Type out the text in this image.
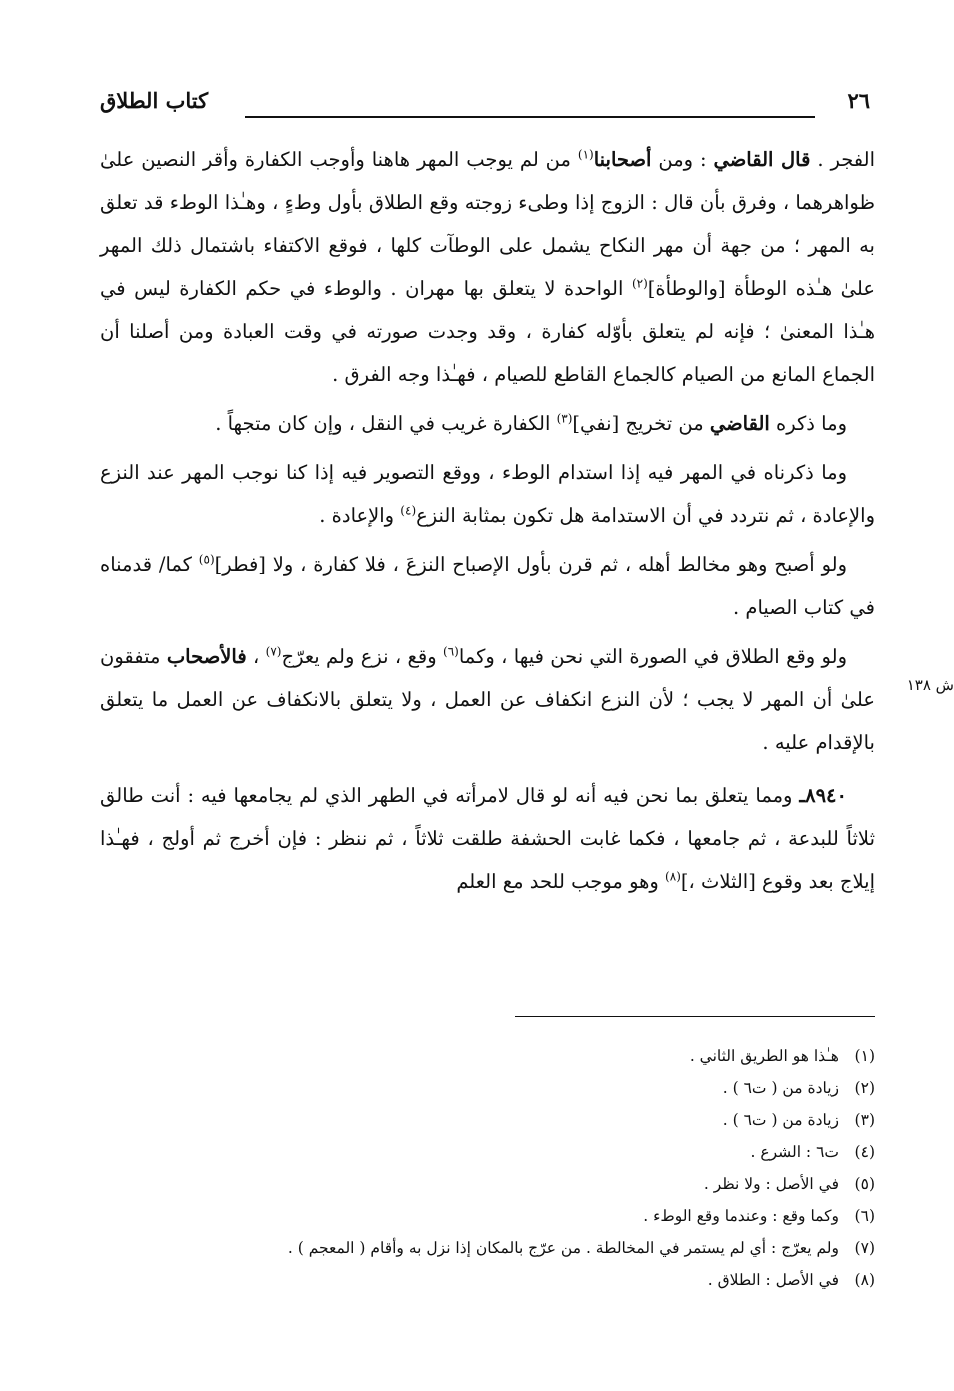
٢٦
كتاب الطلاق

الفجر . قال القاضي : ومن أصحابنا$^{(١)}$ من لم يوجب المهر هاهنا وأوجب الكفارة وأقر النصين علىٰ ظواهرهما ، وفرق بأن قال : الزوج إذا وطىء زوجته وقع الطلاق بأول وطءٍ ، وهـٰذا الوطء قد تعلق به المهر ؛ من جهة أن مهر النكاح يشمل على الوطآت كلها ، فوقع الاكتفاء باشتمال ذلك المهر علىٰ هـٰذه الوطأة [والوطأة]$^{(٢)}$ الواحدة لا يتعلق بها مهران . والوطء في حكم الكفارة ليس في هـٰذا المعنىٰ ؛ فإنه لم يتعلق بأوّله كفارة ، وقد وجدت صورته في وقت العبادة ومن أصلنا أن الجماع المانع من الصيام كالجماع القاطع للصيام ، فهـٰذا وجه الفرق .

وما ذكره القاضي من تخريج [نفي]$^{(٣)}$ الكفارة غريب في النقل ، وإن كان متجهاً .

وما ذكرناه في المهر فيه إذا استدام الوطء ، ووقع التصوير فيه إذا كنا نوجب المهر عند النزع والإعادة ، ثم نتردد في أن الاستدامة هل تكون بمثابة النزع$^{(٤)}$ والإعادة .

ولو أصبح وهو مخالط أهله ، ثم قرن بأول الإصباح النزعَ ، فلا كفارة ، ولا [فطر]$^{(٥)}$ كما/ قدمناه في كتاب الصيام .

ولو وقع الطلاق في الصورة التي نحن فيها ، وكما$^{(٦)}$ وقع ، نزع ولم يعرّج$^{(٧)}$ ، فالأصحاب متفقون علىٰ أن المهر لا يجب ؛ لأن النزع انكفاف عن العمل ، ولا يتعلق بالانكفاف عن العمل ما يتعلق بالإقدام عليه .

٨٩٤٠ـ ومما يتعلق بما نحن فيه أنه لو قال لامرأته في الطهر الذي لم يجامعها فيه : أنت طالق ثلاثاً للبدعة ، ثم جامعها ، فكما غابت الحشفة طلقت ثلاثاً ، ثم ننظر : فإن أخرج ثم أولج ، فهـٰذا إيلاج بعد وقوع [الثلاث ،]$^{(٨)}$ وهو موجب للحد مع العلم

ش ١٣٨
(١)
هـٰذا هو الطريق الثاني .
(٢)
زيادة من ( ت٦ ) .
(٣)
زيادة من ( ت٦ ) .
(٤)
ت٦ : الشرع .
(٥)
في الأصل : ولا نظر .
(٦)
وكما وقع : وعندما وقع الوطء .
(٧)
ولم يعرّج : أي لم يستمر في المخالطة . من عرّج بالمكان إذا نزل به وأقام ( المعجم ) .
(٨)
في الأصل : الطلاق .
